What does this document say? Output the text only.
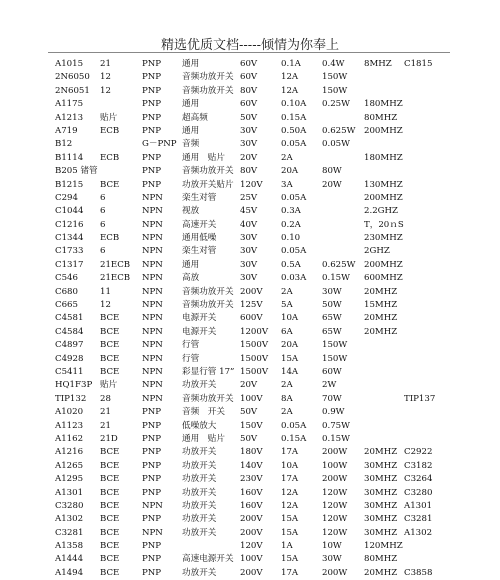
精选优质文档-----倾情为你奉上
A1015 21	PNP 通用	60V	0.1A 0.4W 8MHZ C1815
2N6050 12	PNP 音频功放开关 60V	12A	150W
2N6051 12	PNP 音频功放开关 80V	12A	150W
A1175	PNP 通用	60V	0.10A 0.25W 180MHZ
A1213 贴片	PNP 超高频	50V	0.15A	80MHZ
A719	ECB	PNP 通用	30V	0.50A 0.625W 200MHZ
B12	G－PNP 音频	30V	0.05A 0.05W
B1114 ECB	PNP 通用　贴片 20V	2A	180MHZ
B205 锗管	PNP 音频功放开关 80V	20A	80W
B1215 BCE	PNP 功放开关贴片 120V 3A	20W	130MHZ
C294	6	NPN 栾生对管	25V	0.05A	200MHZ
C1044 6	NPN 视放	45V	0.3A	2.2GHZ
C1216 6	NPN 高速开关	40V	0.2A	T，20ｎS
C1344 ECB	NPN 通用低噪	30V	0.10	230MHZ
C1733 6	NPN 栾生对管	30V	0.05A	2GHZ
C1317 21ECB NPN 通用	30V	0.5A 0.625W 200MHZ
C546	21ECB NPN 高放	30V	0.03A 0.15W 600MHZ
C680	11	NPN 音频功放开关 200V 2A	30W	20MHZ
C665	12	NPN 音频功放开关 125V 5A	50W	15MHZ
C4581 BCE	NPN 电源开关	600V 10A	65W	20MHZ
C4584 BCE	NPN 电源开关	1200V 6A	65W	20MHZ
C4897 BCE	NPN 行管	1500V 20A	150W
C4928 BCE	NPN 行管	1500V 15A	150W
C5411 BCE	NPN 彩显行管 17” 1500V 14A	60W
HQ1F3P 贴片	NPN 功放开关	20V	2A	2W
TIP132 28	NPN 音频功放开关 100V 8A	70W	TIP137
A1020 21	PNP 音频　开关 50V	2A	0.9W
A1123 21	PNP 低噪放大	150V 0.05A 0.75W
A1162 21D	PNP 通用　贴片 50V	0.15A 0.15W
A1216 BCE	PNP 功放开关	180V 17A	200W 20MHZ C2922
A1265 BCE	PNP 功放开关	140V 10A	100W 30MHZ C3182
A1295 BCE	PNP 功放开关	230V 17A	200W 30MHZ C3264
A1301 BCE	PNP 功放开关	160V 12A	120W 30MHZ C3280
C3280 BCE	NPN 功放开关	160V 12A	120W 30MHZ A1301
A1302 BCE	PNP 功放开关	200V 15A	120W 30MHZ C3281
C3281 BCE	NPN 功放开关	200V 15A	120W 30MHZ A1302
A1358 BCE	PNP	120V 1A	10W	120MHZ
A1444 BCE	PNP 高速电源开关 100V 15A	30W	80MHZ
A1494 BCE	PNP 功放开关	200V 17A	200W 20MHZ C3858
